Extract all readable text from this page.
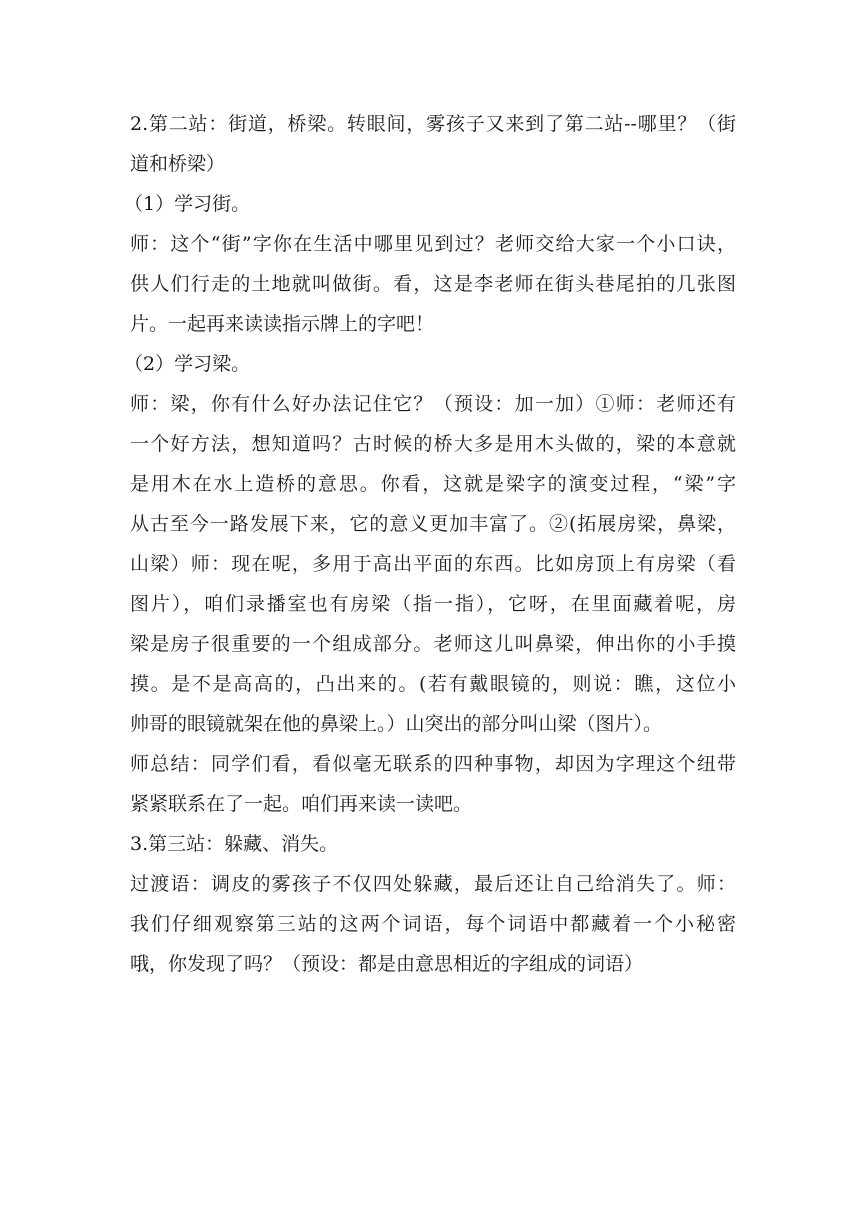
2.第二站：街道，桥梁。转眼间，雾孩子又来到了第二站--哪里？（街
道和桥梁）
（1）学习街。
师：这个“街”字你在生活中哪里见到过？老师交给大家一个小口诀，
供人们行走的土地就叫做街。看，这是李老师在街头巷尾拍的几张图
片。一起再来读读指示牌上的字吧！
（2）学习梁。
师：梁，你有什么好办法记住它？（预设：加一加）①师：老师还有
一个好方法，想知道吗？古时候的桥大多是用木头做的，梁的本意就
是用木在水上造桥的意思。你看，这就是梁字的演变过程，“梁”字
从古至今一路发展下来，它的意义更加丰富了。②(拓展房梁，鼻梁，
山梁）师：现在呢，多用于高出平面的东西。比如房顶上有房梁（看
图片），咱们录播室也有房梁（指一指），它呀，在里面藏着呢，房
梁是房子很重要的一个组成部分。老师这儿叫鼻梁，伸出你的小手摸
摸。是不是高高的，凸出来的。(若有戴眼镜的，则说：瞧，这位小
帅哥的眼镜就架在他的鼻梁上。）山突出的部分叫山梁（图片）。
师总结：同学们看，看似毫无联系的四种事物，却因为字理这个纽带
紧紧联系在了一起。咱们再来读一读吧。
3.第三站：躲藏、消失。
过渡语：调皮的雾孩子不仅四处躲藏，最后还让自己给消失了。师：
我们仔细观察第三站的这两个词语，每个词语中都藏着一个小秘密
哦，你发现了吗？（预设：都是由意思相近的字组成的词语）
